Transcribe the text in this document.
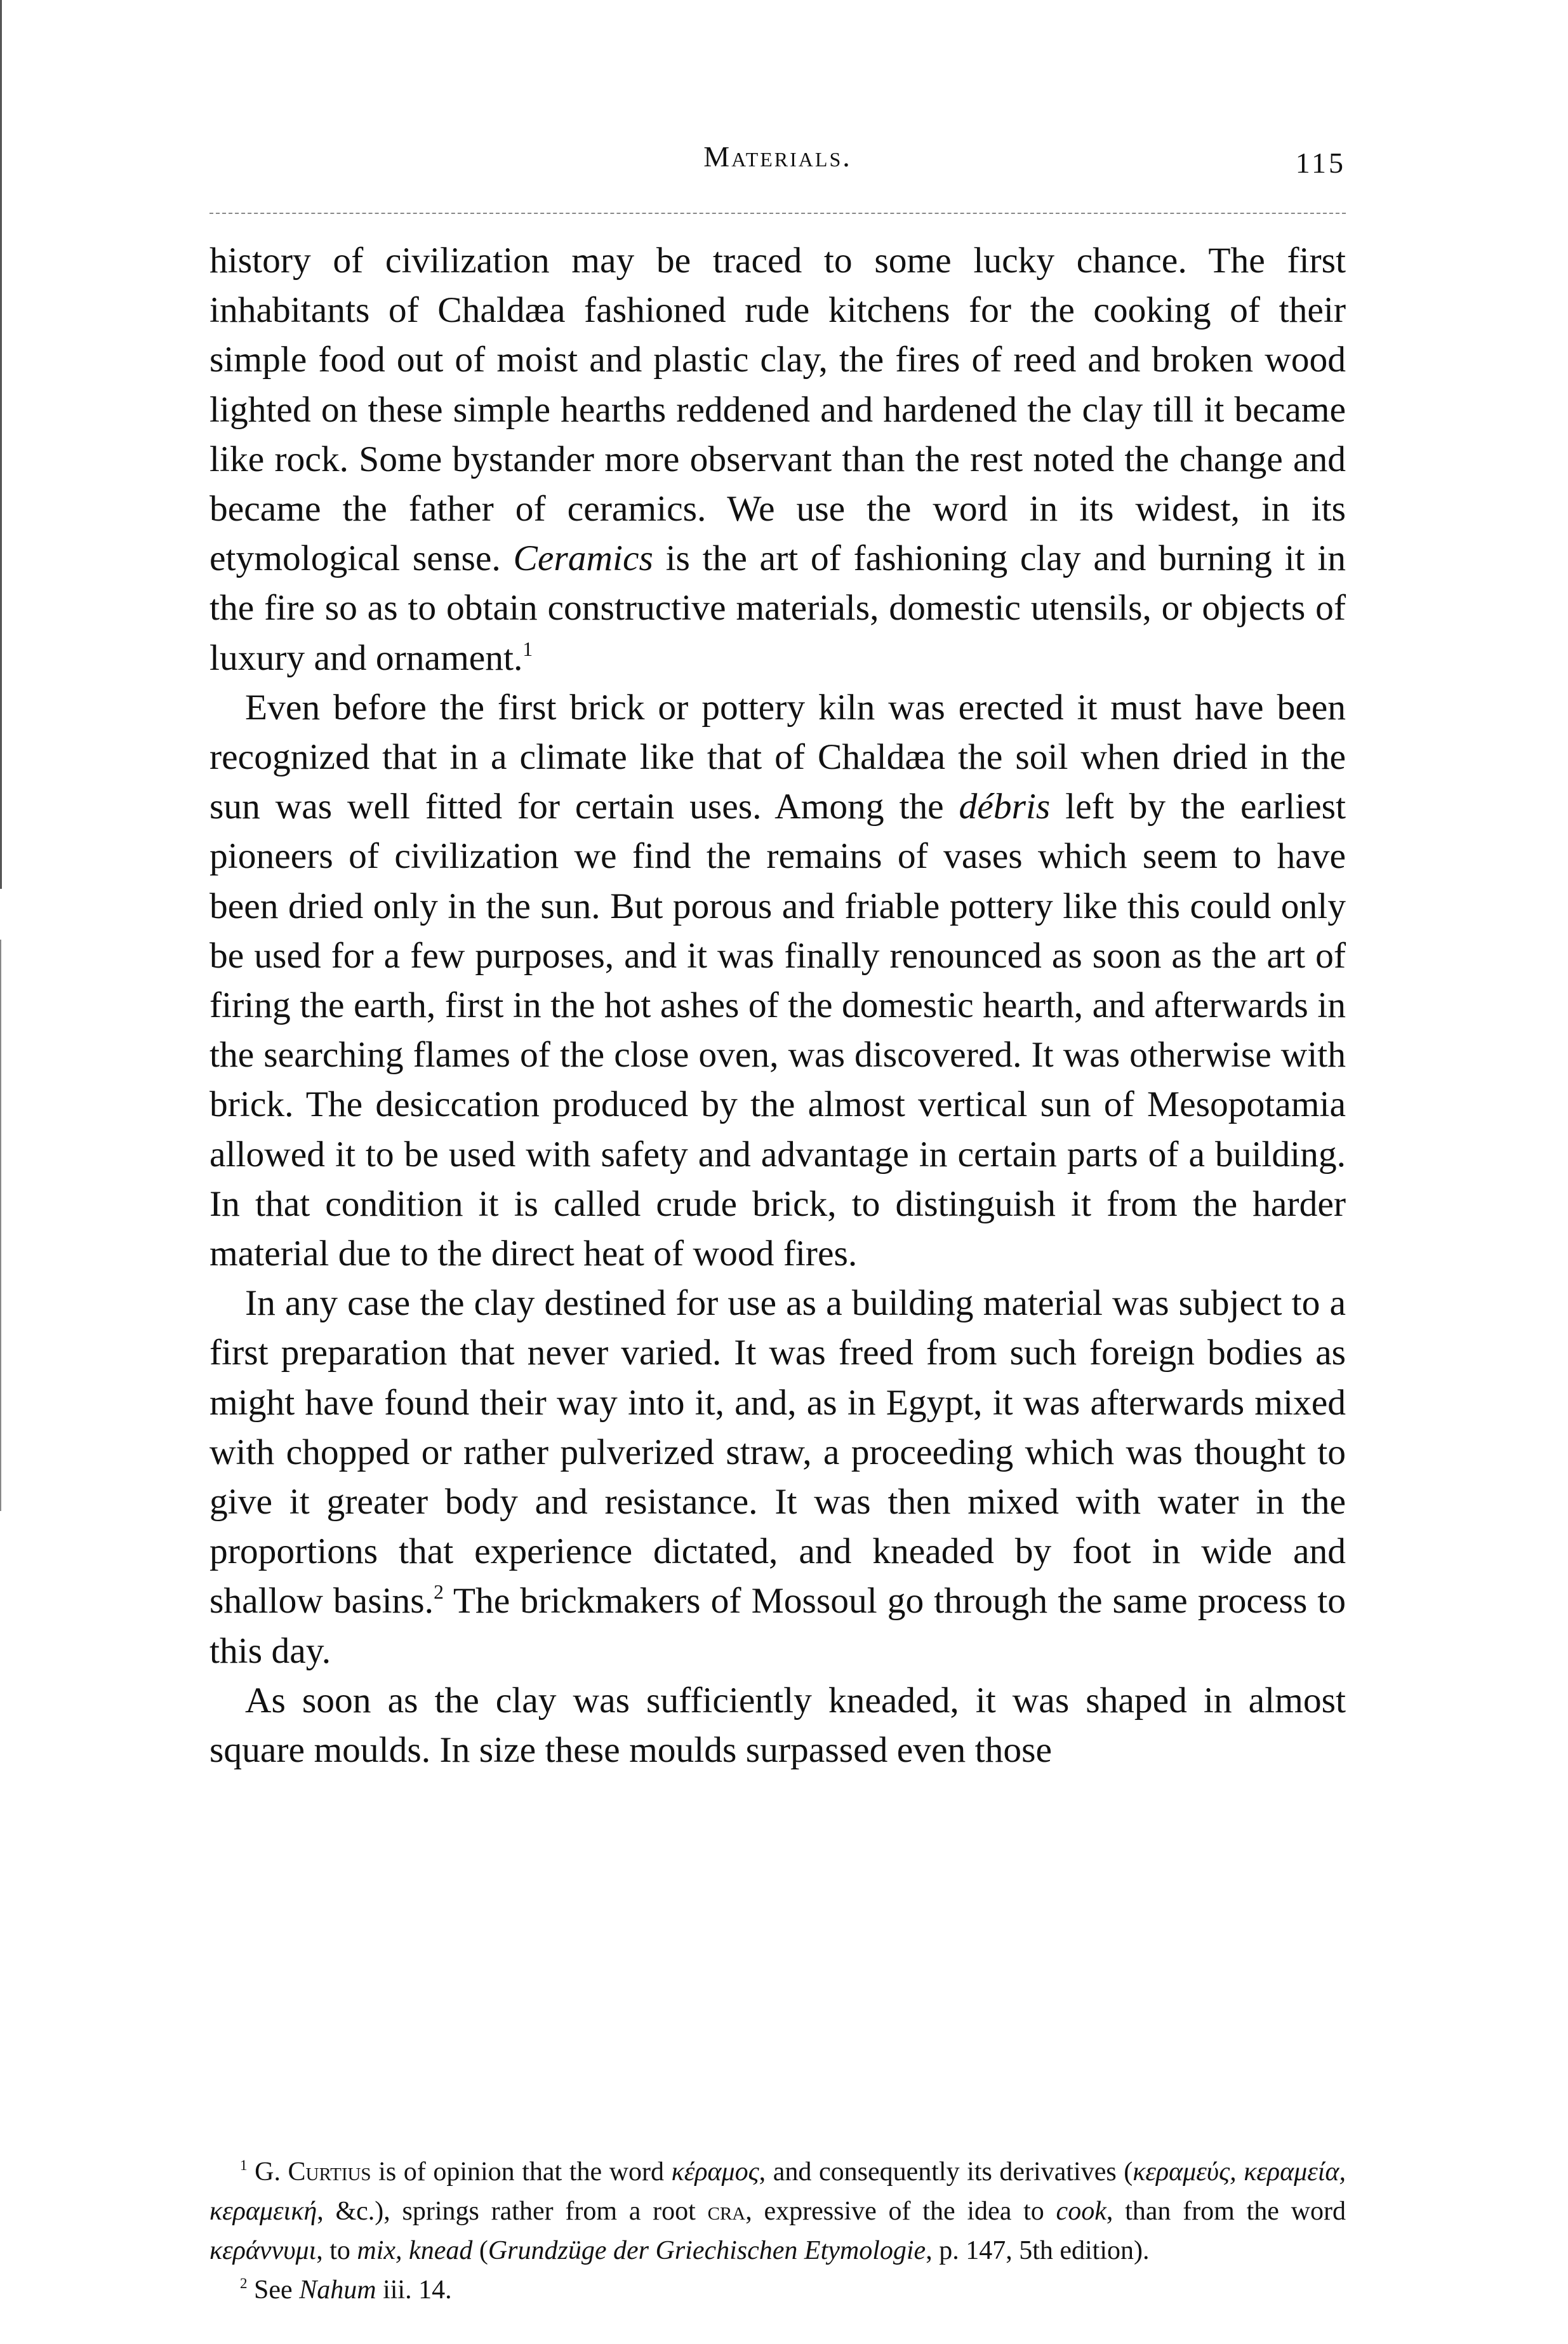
Materials.	115

history of civilization may be traced to some lucky chance. The first inhabitants of Chaldæa fashioned rude kitchens for the cooking of their simple food out of moist and plastic clay, the fires of reed and broken wood lighted on these simple hearths reddened and hardened the clay till it became like rock. Some bystander more observant than the rest noted the change and became the father of ceramics. We use the word in its widest, in its etymological sense. Ceramics is the art of fashioning clay and burning it in the fire so as to obtain constructive materials, domestic utensils, or objects of luxury and ornament.$^1$

Even before the first brick or pottery kiln was erected it must have been recognized that in a climate like that of Chaldæa the soil when dried in the sun was well fitted for certain uses. Among the débris left by the earliest pioneers of civilization we find the remains of vases which seem to have been dried only in the sun. But porous and friable pottery like this could only be used for a few purposes, and it was finally renounced as soon as the art of firing the earth, first in the hot ashes of the domestic hearth, and afterwards in the searching flames of the close oven, was discovered. It was otherwise with brick. The desiccation produced by the almost vertical sun of Mesopotamia allowed it to be used with safety and advantage in certain parts of a building. In that condition it is called crude brick, to distinguish it from the harder material due to the direct heat of wood fires.

In any case the clay destined for use as a building material was subject to a first preparation that never varied. It was freed from such foreign bodies as might have found their way into it, and, as in Egypt, it was afterwards mixed with chopped or rather pulverized straw, a proceeding which was thought to give it greater body and resistance. It was then mixed with water in the proportions that experience dictated, and kneaded by foot in wide and shallow basins.$^2$ The brickmakers of Mossoul go through the same process to this day.

As soon as the clay was sufficiently kneaded, it was shaped in almost square moulds. In size these moulds surpassed even those

$^1$ G. Curtius is of opinion that the word κέραμος, and consequently its derivatives (κεραμεύς, κεραμεία, κεραμεική, &c.), springs rather from a root cra, expressive of the idea to cook, than from the word κεράννυμι, to mix, knead (Grundzüge der Griechischen Etymologie, p. 147, 5th edition).

$^2$ See Nahum iii. 14.
